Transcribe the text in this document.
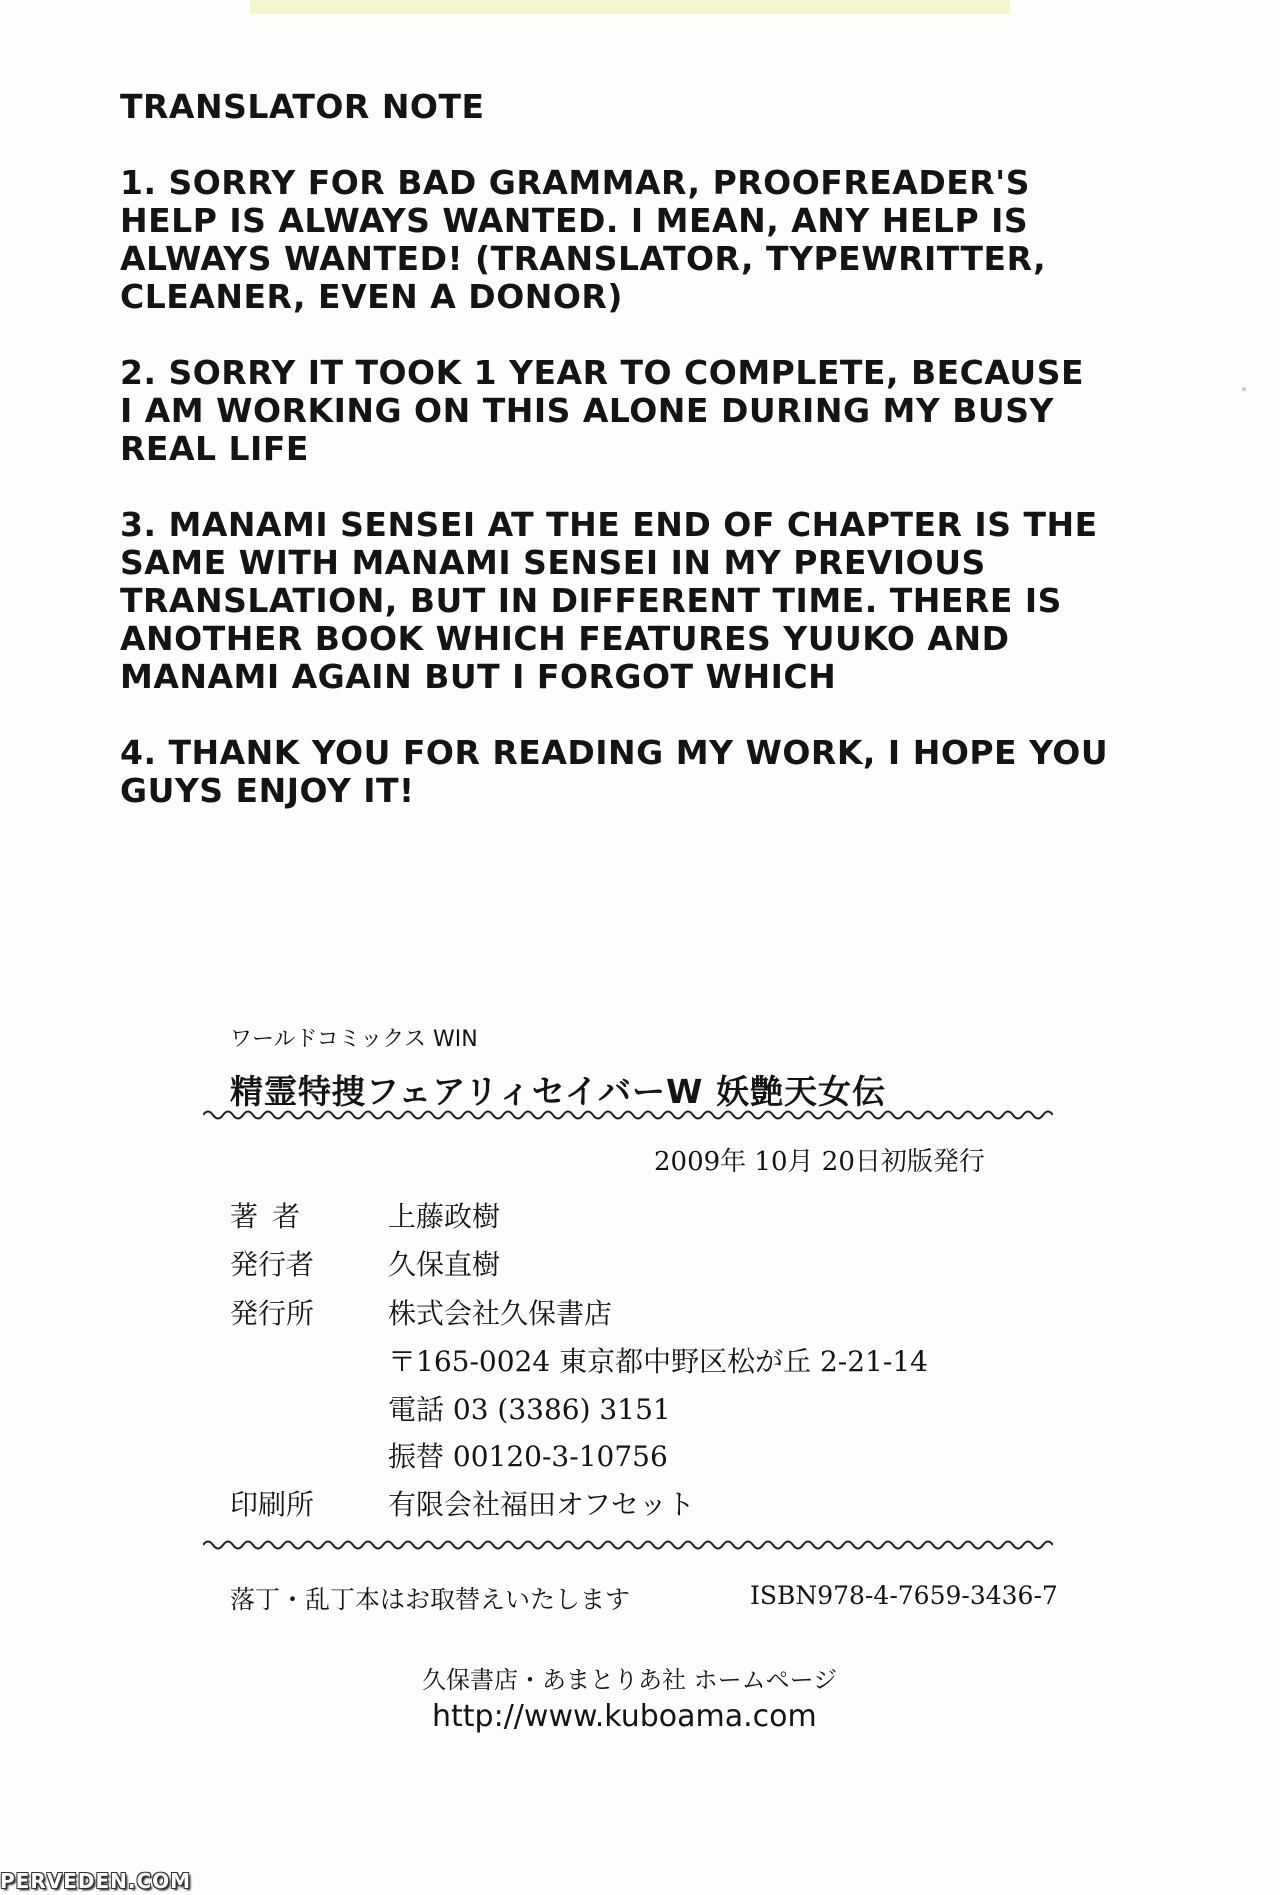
TRANSLATOR NOTE

1. SORRY FOR BAD GRAMMAR, PROOFREADER'S
HELP IS ALWAYS WANTED. I MEAN, ANY HELP IS
ALWAYS WANTED! (TRANSLATOR, TYPEWRITTER,
CLEANER, EVEN A DONOR)

2. SORRY IT TOOK 1 YEAR TO COMPLETE, BECAUSE
I AM WORKING ON THIS ALONE DURING MY BUSY
REAL LIFE

3. MANAMI SENSEI AT THE END OF CHAPTER IS THE
SAME WITH MANAMI SENSEI IN MY PREVIOUS
TRANSLATION, BUT IN DIFFERENT TIME. THERE IS
ANOTHER BOOK WHICH FEATURES YUUKO AND
MANAMI AGAIN BUT I FORGOT WHICH

4. THANK YOU FOR READING MY WORK, I HOPE YOU
GUYS ENJOY IT!

ワールドコミックス WIN
精霊特捜フェアリィセイバーW 妖艶天女伝
2009年 10月 20日初版発行
著者	上藤政樹
発行者	久保直樹
発行所	株式会社久保書店
〒165-0024 東京都中野区松が丘 2-21-14
電話 03 (3386) 3151
振替 00120-3-10756
印刷所	有限会社福田オフセット
落丁・乱丁本はお取替えいたします	ISBN978-4-7659-3436-7
久保書店・あまとりあ社 ホームページ
http://www.kuboama.com
PERVEDEN.COM
